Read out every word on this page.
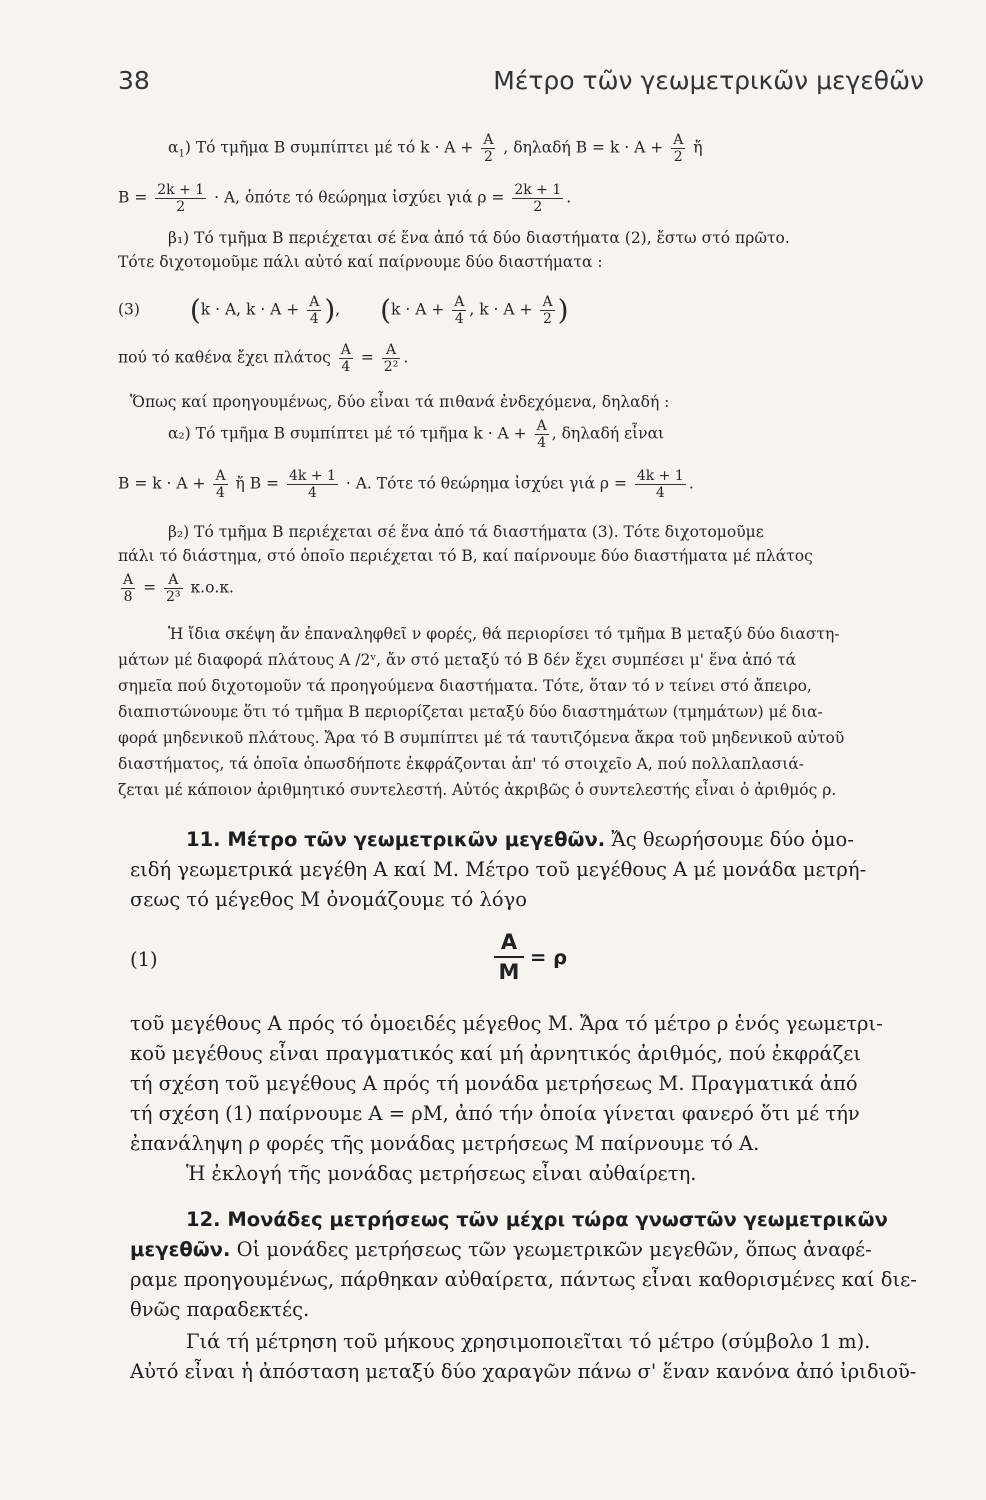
38	Μέτρο τῶν γεωμετρικῶν μεγεθῶν
$\alpha_1$) Τό τμῆμα Β συμπίπτει μέ τό $k \cdot A + \frac{A}{2}$ , δηλαδή $B = k \cdot A + \frac{A}{2}$ ἤ
$B = \frac{2k + 1}{2} \cdot A$, ὁπότε τό θεώρημα ἰσχύει γιά $\rho = \frac{2k + 1}{2}$ .
β₁) Τό τμῆμα Β περιέχεται σέ ἕνα ἀπό τά δύο διαστήματα (2), ἔστω στό πρῶτο.
Τότε διχοτομοῦμε πάλι αὐτό καί παίρνουμε δύο διαστήματα :
(3) (k · A, $k \cdot A + \frac{A}{4}$ ),  ($k \cdot A + \frac{A}{4}$ , $k \cdot A + \frac{A}{2}$ )
πού τό καθένα ἔχει πλάτος $\frac{A}{4} = \frac{A}{\text{2²}}$ .
Ὅπως καί προηγουμένως, δύο εἶναι τά πιθανά ἐνδεχόμενα, δηλαδή :
α₂) Τό τμῆμα Β συμπίπτει μέ τό τμῆμα $k \cdot A + \frac{A}{4}$ , δηλαδή εἶναι
$B = k \cdot A + \frac{A}{4}$ ἤ $B = \frac{4k + 1}{4} \cdot A$. Τότε τό θεώρημα ἰσχύει γιά $\rho = \frac{4k + 1}{4}$ .
β₂) Τό τμῆμα Β περιέχεται σέ ἕνα ἀπό τά διαστήματα (3). Τότε διχοτομοῦμε
πάλι τό διάστημα, στό ὁποῖο περιέχεται τό Β, καί παίρνουμε δύο διαστήματα μέ πλάτος
$\frac{A}{8} = \frac{A}{\text{2³}} \kappa.o.\kappa$.
Ἡ ἴδια σκέψη ἄν ἐπαναληφθεῖ ν φορές, θά περιορίσει τό τμῆμα Β μεταξύ δύο διαστη-
μάτων μέ διαφορά πλάτους A /2ᵛ, ἄν στό μεταξύ τό Β δέν ἔχει συμπέσει μ' ἕνα ἀπό τά
σημεῖα πού διχοτομοῦν τά προηγούμενα διαστήματα. Τότε, ὅταν τό ν τείνει στό ἄπειρο,
διαπιστώνουμε ὅτι τό τμῆμα Β περιορίζεται μεταξύ δύο διαστημάτων (τμημάτων) μέ δια-
φορά μηδενικοῦ πλάτους. Ἄρα τό Β συμπίπτει μέ τά ταυτιζόμενα ἄκρα τοῦ μηδενικοῦ αὐτοῦ
διαστήματος, τά ὁποῖα ὁπωσδήποτε ἐκφράζονται ἀπ' τό στοιχεῖο Α, πού πολλαπλασιά-
ζεται μέ κάποιον ἀριθμητικό συντελεστή. Αὐτός ἀκριβῶς ὁ συντελεστής εἶναι ὁ ἀριθμός ρ.
11. Μέτρο τῶν γεωμετρικῶν μεγεθῶν. Ἄς θεωρήσουμε δύο ὁμο-
ειδή γεωμετρικά μεγέθη Α καί Μ. Μέτρο τοῦ μεγέθους Α μέ μονάδα μετρή-
σεως τό μέγεθος Μ ὀνομάζουμε τό λόγο
(1)
A
M
= ρ
τοῦ μεγέθους Α πρός τό ὁμοειδές μέγεθος Μ. Ἄρα τό μέτρο ρ ἑνός γεωμετρι-
κοῦ μεγέθους εἶναι πραγματικός καί μή ἀρνητικός ἀριθμός, πού ἐκφράζει
τή σχέση τοῦ μεγέθους Α πρός τή μονάδα μετρήσεως Μ. Πραγματικά ἀπό
τή σχέση (1) παίρνουμε Α = ρΜ, ἀπό τήν ὁποία γίνεται φανερό ὅτι μέ τήν
ἐπανάληψη ρ φορές τῆς μονάδας μετρήσεως Μ παίρνουμε τό Α.
Ἡ ἐκλογή τῆς μονάδας μετρήσεως εἶναι αὐθαίρετη.
12. Μονάδες μετρήσεως τῶν μέχρι τώρα γνωστῶν γεωμετρικῶν
μεγεθῶν. Οἱ μονάδες μετρήσεως τῶν γεωμετρικῶν μεγεθῶν, ὅπως ἀναφέ-
ραμε προηγουμένως, πάρθηκαν αὐθαίρετα, πάντως εἶναι καθορισμένες καί διε-
θνῶς παραδεκτές.
Γιά τή μέτρηση τοῦ μήκους χρησιμοποιεῖται τό μέτρο (σύμβολο 1 m).
Αὐτό εἶναι ἡ ἀπόσταση μεταξύ δύο χαραγῶν πάνω σ' ἕναν κανόνα ἀπό ἰριδιοῦ-
